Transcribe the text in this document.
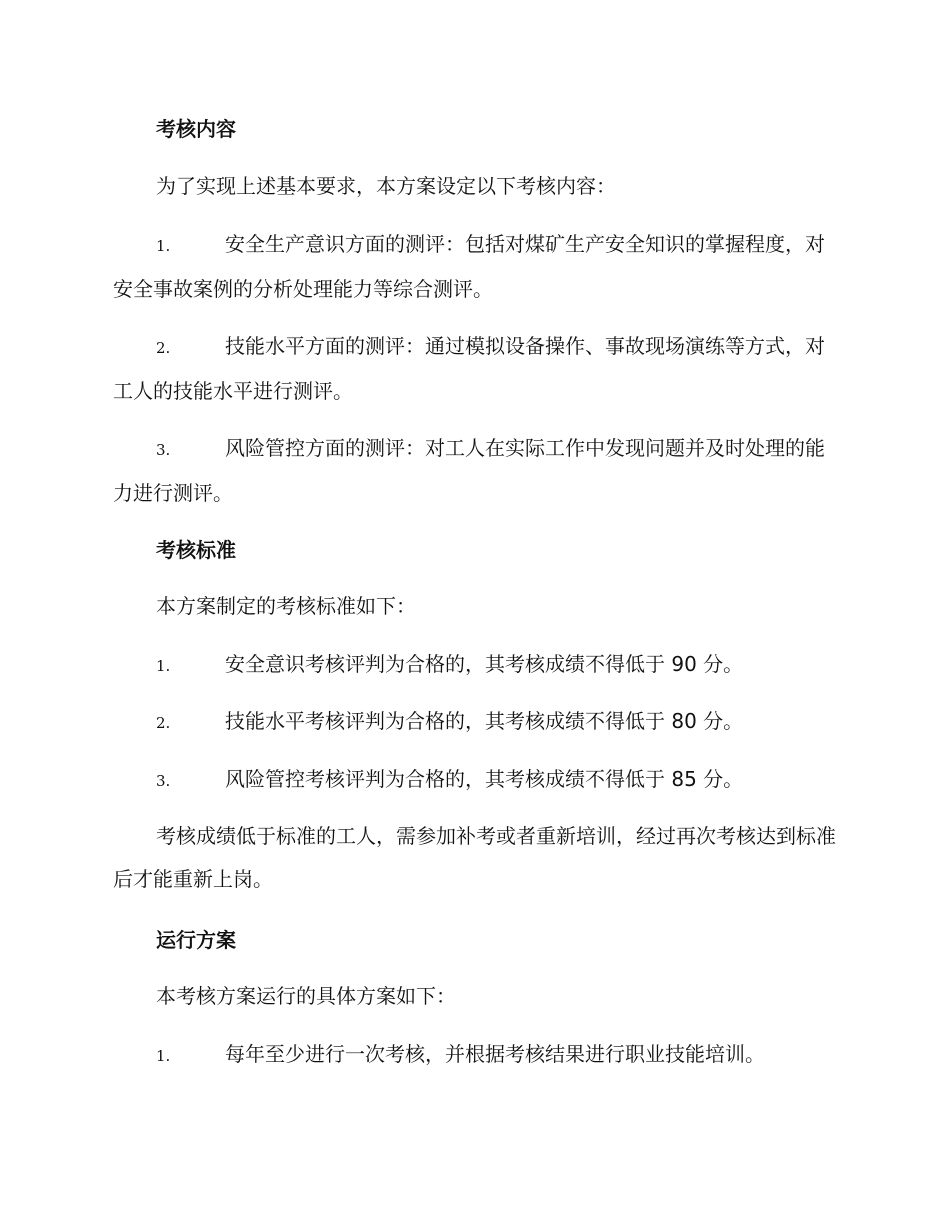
考核内容

为了实现上述基本要求，本方案设定以下考核内容：

1.	安全生产意识方面的测评：包括对煤矿生产安全知识的掌握程度，对安全事故案例的分析处理能力等综合测评。

2.	技能水平方面的测评：通过模拟设备操作、事故现场演练等方式，对工人的技能水平进行测评。

3.	风险管控方面的测评：对工人在实际工作中发现问题并及时处理的能力进行测评。

考核标准

本方案制定的考核标准如下：

1.	安全意识考核评判为合格的，其考核成绩不得低于 90 分。

2.	技能水平考核评判为合格的，其考核成绩不得低于 80 分。

3.	风险管控考核评判为合格的，其考核成绩不得低于 85 分。

考核成绩低于标准的工人，需参加补考或者重新培训，经过再次考核达到标准后才能重新上岗。

运行方案

本考核方案运行的具体方案如下：

1.	每年至少进行一次考核，并根据考核结果进行职业技能培训。
